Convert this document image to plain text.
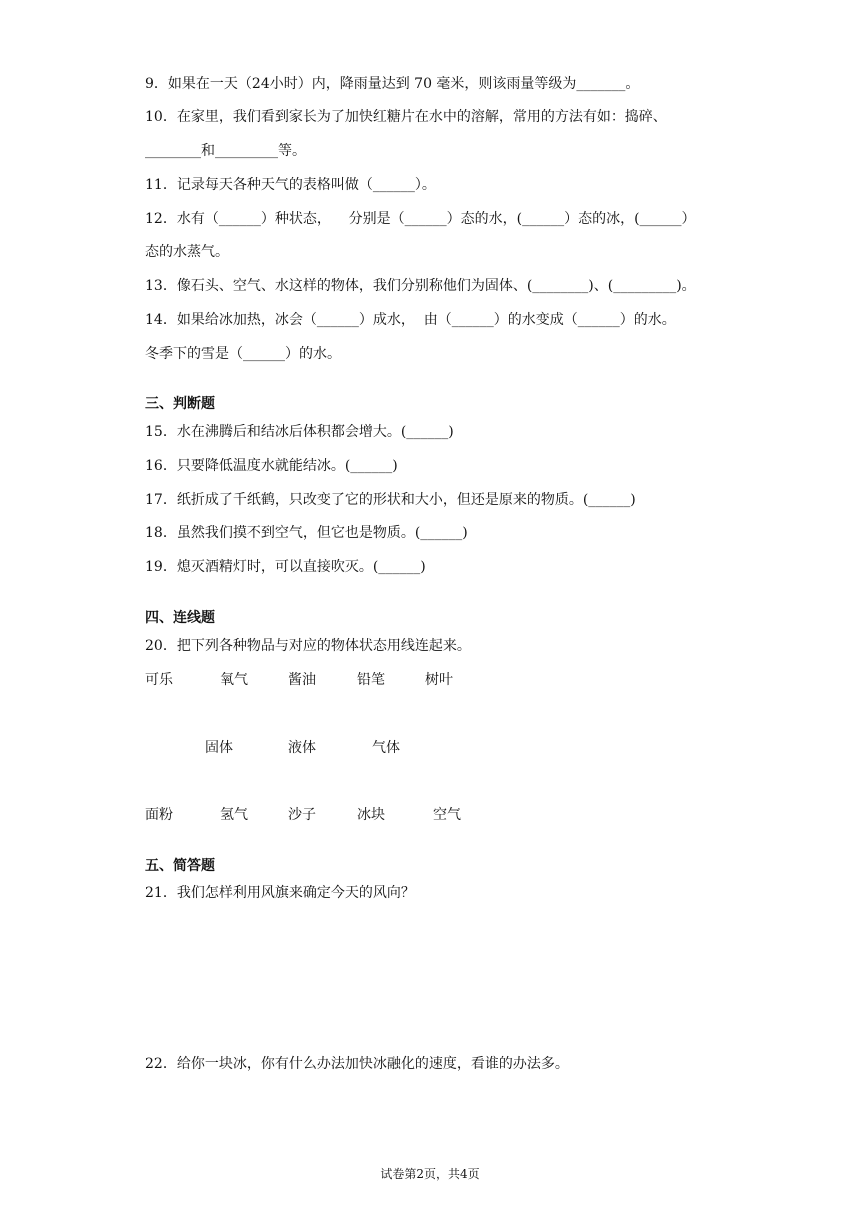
9．如果在一天（24小时）内，降雨量达到 70 毫米，则该雨量等级为_______。
10．在家里，我们看到家长为了加快红糖片在水中的溶解，常用的方法有如：捣碎、
________和_________等。
11．记录每天各种天气的表格叫做（______）。
12．水有（______）种状态，    分别是（______）态的水，(______）态的冰，(______）
态的水蒸气。
13．像石头、空气、水这样的物体，我们分别称他们为固体、(________)、(_________)。
14．如果给冰加热，冰会（______）成水，  由（______）的水变成（______）的水。
冬季下的雪是（______）的水。
三、判断题
15．水在沸腾后和结冰后体积都会增大。(______)
16．只要降低温度水就能结冰。(______)
17．纸折成了千纸鹤，只改变了它的形状和大小，但还是原来的物质。(______)
18．虽然我们摸不到空气，但它也是物质。(______)
19．熄灭酒精灯时，可以直接吹灭。(______)
四、连线题
20．把下列各种物品与对应的物体状态用线连起来。
可乐	氧气	酱油	铅笔	树叶
固体	液体	气体
面粉	氢气	沙子	冰块	空气
五、简答题
21．我们怎样利用风旗来确定今天的风向？
22．给你一块冰，你有什么办法加快冰融化的速度，看谁的办法多。
试卷第2页，共4页
